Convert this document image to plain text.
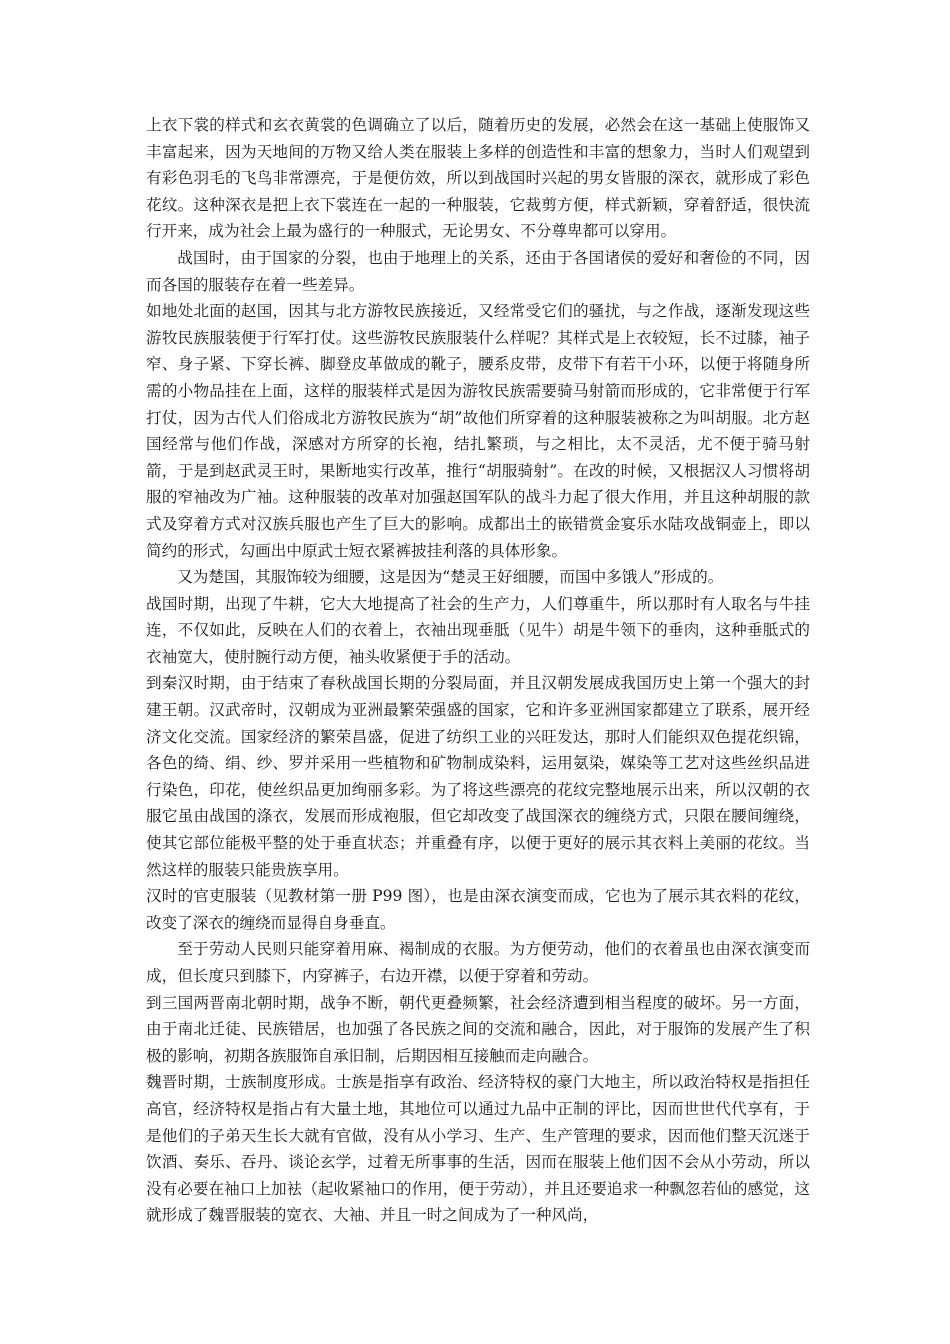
上衣下裳的样式和玄衣黄裳的色调确立了以后，随着历史的发展，必然会在这一基础上使服饰又丰富起来，因为天地间的万物又给人类在服装上多样的创造性和丰富的想象力，当时人们观望到有彩色羽毛的飞鸟非常漂亮，于是便仿效，所以到战国时兴起的男女皆服的深衣，就形成了彩色花纹。这种深衣是把上衣下裳连在一起的一种服装，它裁剪方便，样式新颖，穿着舒适，很快流行开来，成为社会上最为盛行的一种服式，无论男女、不分尊卑都可以穿用。

战国时，由于国家的分裂，也由于地理上的关系，还由于各国诸侯的爱好和奢俭的不同，因而各国的服装存在着一些差异。

如地处北面的赵国，因其与北方游牧民族接近，又经常受它们的骚扰，与之作战，逐渐发现这些游牧民族服装便于行军打仗。这些游牧民族服装什么样呢？其样式是上衣较短，长不过膝，袖子窄、身子紧、下穿长裤、脚登皮革做成的靴子，腰系皮带，皮带下有若干小环，以便于将随身所需的小物品挂在上面，这样的服装样式是因为游牧民族需要骑马射箭而形成的，它非常便于行军打仗，因为古代人们俗成北方游牧民族为“胡”故他们所穿着的这种服装被称之为叫胡服。北方赵国经常与他们作战，深感对方所穿的长袍，结扎繁琐，与之相比，太不灵活，尤不便于骑马射箭，于是到赵武灵王时，果断地实行改革，推行“胡服骑射”。在改的时候，又根据汉人习惯将胡服的窄袖改为广袖。这种服装的改革对加强赵国军队的战斗力起了很大作用，并且这种胡服的款式及穿着方式对汉族兵服也产生了巨大的影响。成都出土的嵌错赏金宴乐水陆攻战铜壶上，即以简约的形式，勾画出中原武士短衣紧裤披挂利落的具体形象。

又为楚国，其服饰较为细腰，这是因为“楚灵王好细腰，而国中多饿人”形成的。

战国时期，出现了牛耕，它大大地提高了社会的生产力，人们尊重牛，所以那时有人取名与牛挂连，不仅如此，反映在人们的衣着上，衣袖出现垂胝（见牛）胡是牛领下的垂肉，这种垂胝式的衣袖宽大，使肘腕行动方便，袖头收紧便于手的活动。

到秦汉时期，由于结束了春秋战国长期的分裂局面，并且汉朝发展成我国历史上第一个强大的封建王朝。汉武帝时，汉朝成为亚洲最繁荣强盛的国家，它和许多亚洲国家都建立了联系，展开经济文化交流。国家经济的繁荣昌盛，促进了纺织工业的兴旺发达，那时人们能织双色提花织锦，各色的绮、绢、纱、罗并采用一些植物和矿物制成染料，运用氨染，媒染等工艺对这些丝织品进行染色，印花，使丝织品更加绚丽多彩。为了将这些漂亮的花纹完整地展示出来，所以汉朝的衣服它虽由战国的涤衣，发展而形成袍服，但它却改变了战国深衣的缠绕方式，只限在腰间缠绕，使其它部位能极平整的处于垂直状态；并重叠有序，以便于更好的展示其衣料上美丽的花纹。当然这样的服装只能贵族享用。

汉时的官吏服装（见教材第一册 P99 图），也是由深衣演变而成，它也为了展示其衣料的花纹，改变了深衣的缠绕而显得自身垂直。

至于劳动人民则只能穿着用麻、褐制成的衣服。为方便劳动，他们的衣着虽也由深衣演变而成，但长度只到膝下，内穿裤子，右边开襟，以便于穿着和劳动。

到三国两晋南北朝时期，战争不断，朝代更叠频繁，社会经济遭到相当程度的破坏。另一方面，由于南北迁徒、民族错居，也加强了各民族之间的交流和融合，因此，对于服饰的发展产生了积极的影响，初期各族服饰自承旧制，后期因相互接触而走向融合。

魏晋时期，士族制度形成。士族是指享有政治、经济特权的豪门大地主，所以政治特权是指担任高官，经济特权是指占有大量土地，其地位可以通过九品中正制的评比，因而世世代代享有，于是他们的子弟天生长大就有官做，没有从小学习、生产、生产管理的要求，因而他们整天沉迷于饮酒、奏乐、吞丹、谈论玄学，过着无所事事的生活，因而在服装上他们因不会从小劳动，所以没有必要在袖口上加袪（起收紧袖口的作用，便于劳动），并且还要追求一种飘忽若仙的感觉，这就形成了魏晋服装的宽衣、大袖、并且一时之间成为了一种风尚，
